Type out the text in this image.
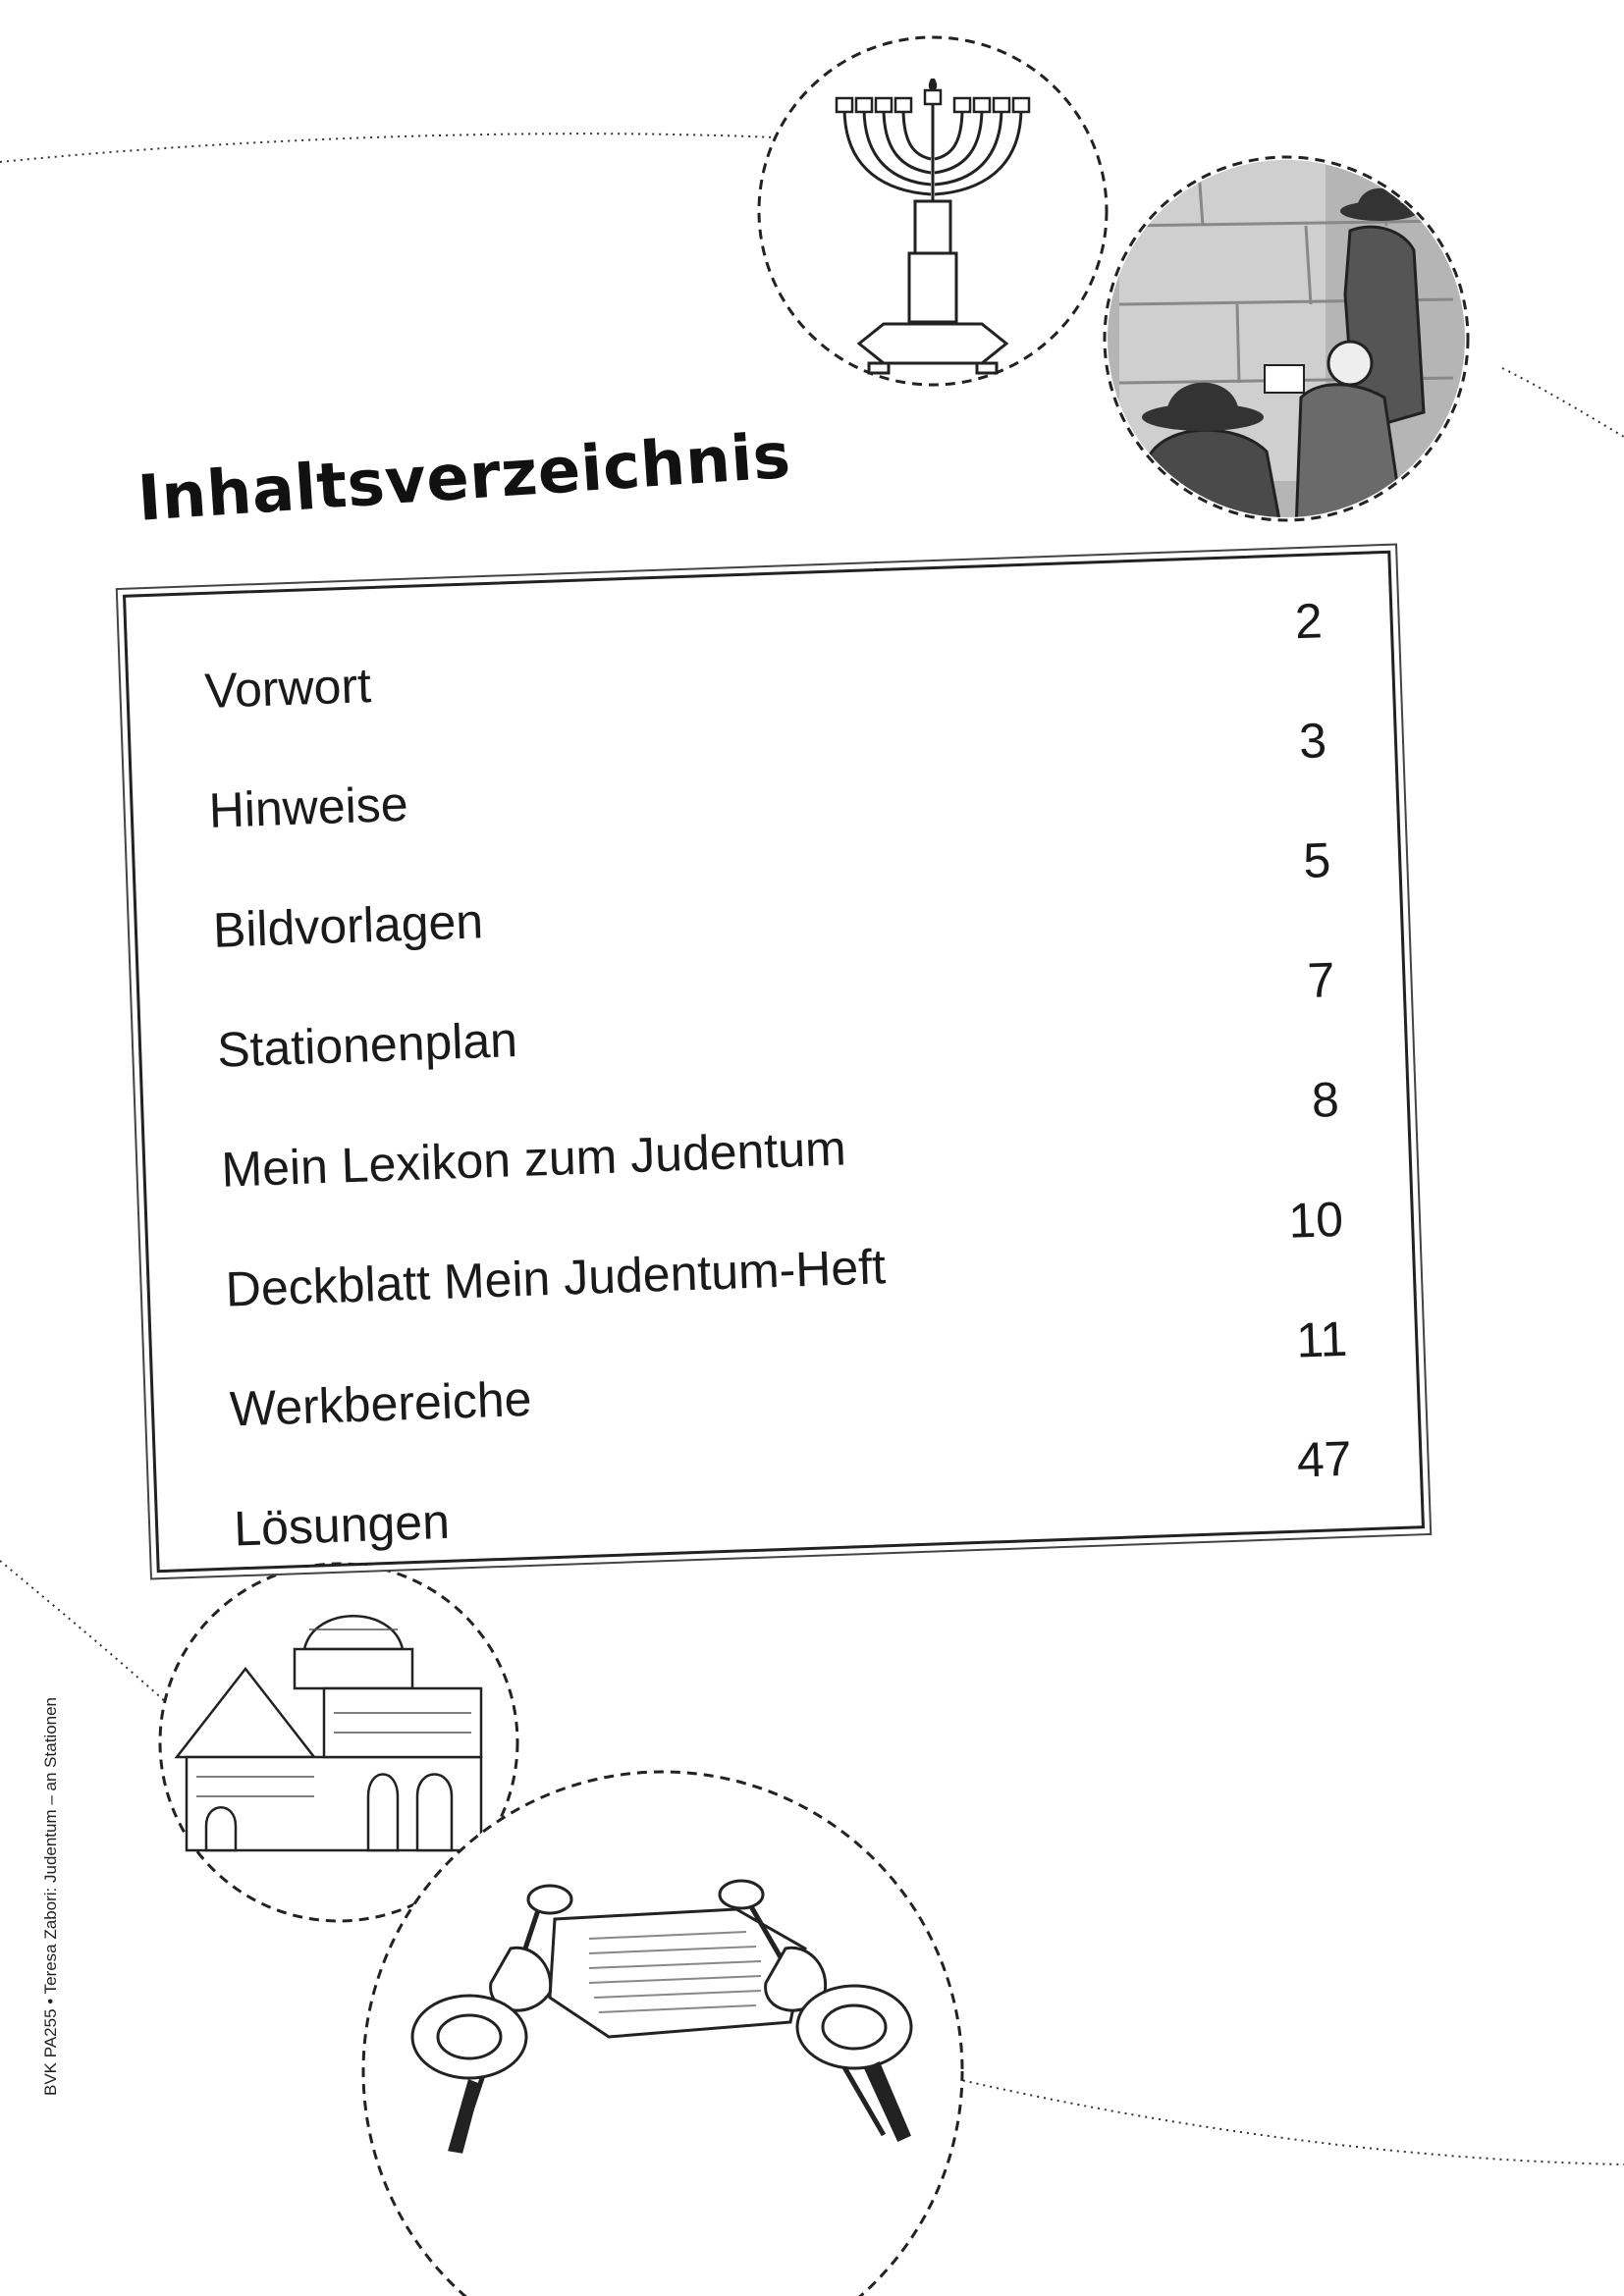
Inhaltsverzeichnis
Vorwort
2
Hinweise
3
Bildvorlagen
5
Stationenplan
7
Mein Lexikon zum Judentum
8
Deckblatt Mein Judentum-Heft
10
Werkbereiche
11
Lösungen
47

BVK PA255 • Teresa Zabori: Judentum – an Stationen
